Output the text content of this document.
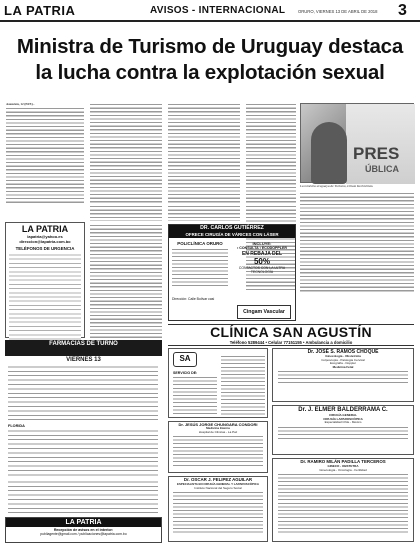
LA PATRIA	AVISOS - INTERNACIONAL	ORURO, VIERNES 13 DE ABRIL DE 2018 3
Ministra de Turismo de Uruguay destaca
la lucha contra la explotación sexual
Asunción, 12 (EFE).-
PRES
ÚBLICA
La ministra uruguaya de Turismo, Liliam Kechichián.
LA PATRIA
lapatria@yahoo.es
direccion@lapatria.com.bo
TELÉFONOS DE URGENCIA
FARMACIAS DE TURNO
VIERNES 13
FLORIDA
LA PATRIA
Recepción de avisos en el interior:
publiagente@gmail.com / publicaciones@lapatria.com.bo
DR. CARLOS GUTIÉRREZ
OFRECE CIRUGÍA DE VÁRICES CON LÁSER
POLICLÍNICA ORURO	INCLUYE:
• CONSULTA • ECODOPPLER
EN REBAJA DEL
50%
CONTACTOS CON LA ULTRA TECNOLOGÍA
Dirección: Calle Bolívar casi
Cingam Vascular
CLÍNICA SAN AGUSTÍN
Teléfono 5289444 • Celular 77151155 • Ambulancia a domicilio
SA
SERVICIO DE:
Dr. JOSÉ S. RAMOS CHOQUE
Ginecología - Obstetricia
Colposcopia - Patología Cervical
Ecografía - Doppler
Medicina Fetal
Dr. JESÚS JORGE CHUNGARA CONDORI
Medicina Interna
Hospital de Clínicas - La Paz
Dr. J. ELMER BALDERRAMA C.
CIRUGÍA GENERAL
CIRUGÍA LAPAROSCÓPICA
Especialidad Chile - México
Dr. OSCAR J. FELIPEZ AGUILAR
ESPECIALISTA EN CIRUGÍA GENERAL Y LAPAROSCÓPICA
Instituto Nacional del Seguro Social
Dr. RAMIRO MILÁN PADILLA TERCEROS
GINECO - OBSTETRA
Ginecología - Oncología - Fertilidad
